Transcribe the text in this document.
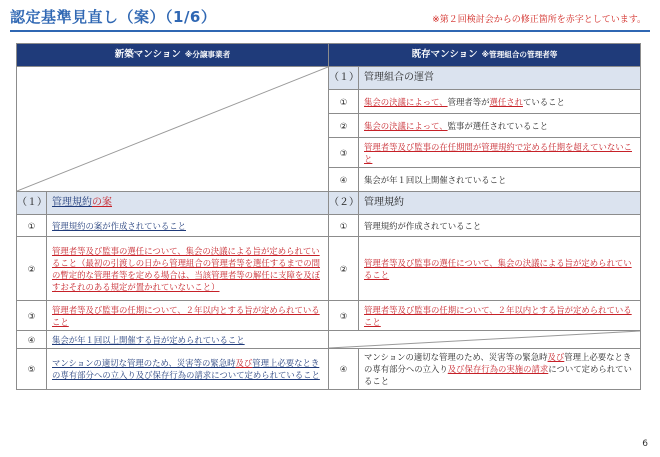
認定基準見直し（案）（1/6）	※第２回検討会からの修正箇所を赤字としています。
新築マンション ※分譲事業者		既存マンション ※管理組合の管理者等	

	（１）	管理組合の運営
		①	集会の決議によって、管理者等が選任されていること
		②	集会の決議によって、監事が選任されていること
		③	管理者等及び監事の在任期間が管理規約で定める任期を超えていないこと
		④	集会が年１回以上開催されていること
（１）	管理規約の案	（２）	管理規約
①	管理規約の案が作成されていること	①	管理規約が作成されていること
②	管理者等及び監事の選任について、集会の決議による旨が定められていること（最初の引渡しの日から管理組合の管理者等を選任するまでの間の暫定的な管理者等を定める場合は、当該管理者等の解任に支障を及ぼすおそれのある規定が置かれていないこと）	②	管理者等及び監事の選任について、集会の決議による旨が定められていること
③	管理者等及び監事の任期について、２年以内とする旨が定められていること	③	管理者等及び監事の任期について、２年以内とする旨が定められていること
④	集会が年１回以上開催する旨が定められていること	

⑤	マンションの適切な管理のため、災害等の緊急時及び管理上必要なときの専有部分への立入り及び保存行為の請求について定められていること	④	マンションの適切な管理のため、災害等の緊急時及び管理上必要なときの専有部分への立入り及び保存行為の実施の請求について定められていること
6
